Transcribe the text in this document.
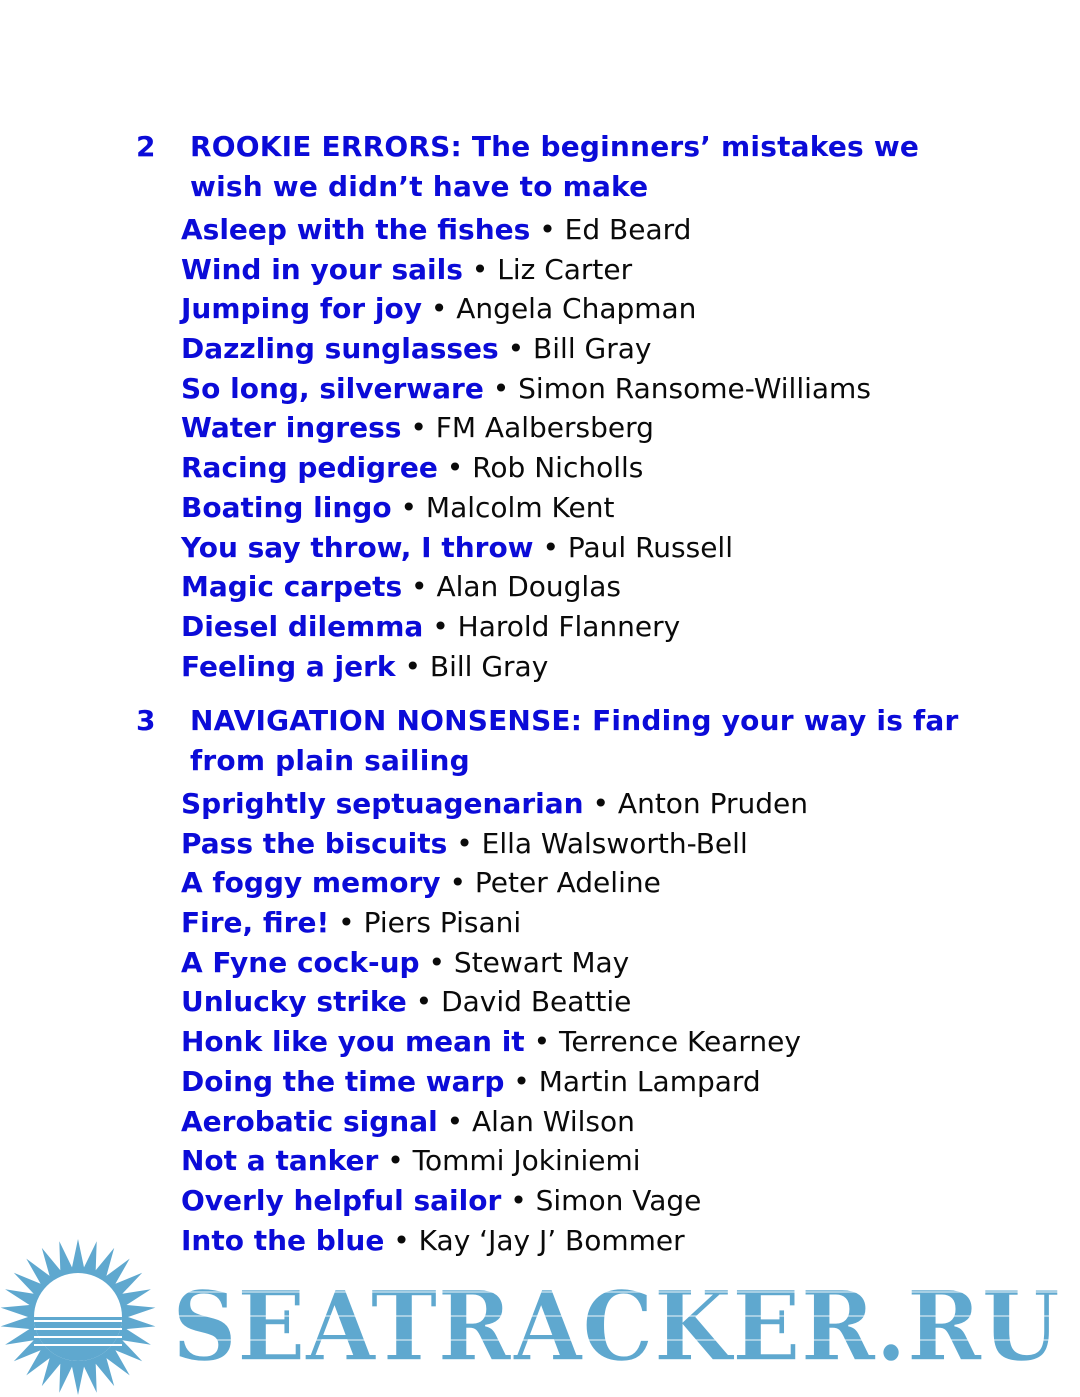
2 ROOKIE ERRORS: The beginners’ mistakes we wish we didn’t have to make
Asleep with the fishes • Ed Beard
Wind in your sails • Liz Carter
Jumping for joy • Angela Chapman
Dazzling sunglasses • Bill Gray
So long, silverware • Simon Ransome-Williams
Water ingress • FM Aalbersberg
Racing pedigree • Rob Nicholls
Boating lingo • Malcolm Kent
You say throw, I throw • Paul Russell
Magic carpets • Alan Douglas
Diesel dilemma • Harold Flannery
Feeling a jerk • Bill Gray
3 NAVIGATION NONSENSE: Finding your way is far from plain sailing
Sprightly septuagenarian • Anton Pruden
Pass the biscuits • Ella Walsworth-Bell
A foggy memory • Peter Adeline
Fire, fire! • Piers Pisani
A Fyne cock-up • Stewart May
Unlucky strike • David Beattie
Honk like you mean it • Terrence Kearney
Doing the time warp • Martin Lampard
Aerobatic signal • Alan Wilson
Not a tanker • Tommi Jokiniemi
Overly helpful sailor • Simon Vage
Into the blue • Kay ‘Jay J’ Bommer
SEATRACKER.RU
